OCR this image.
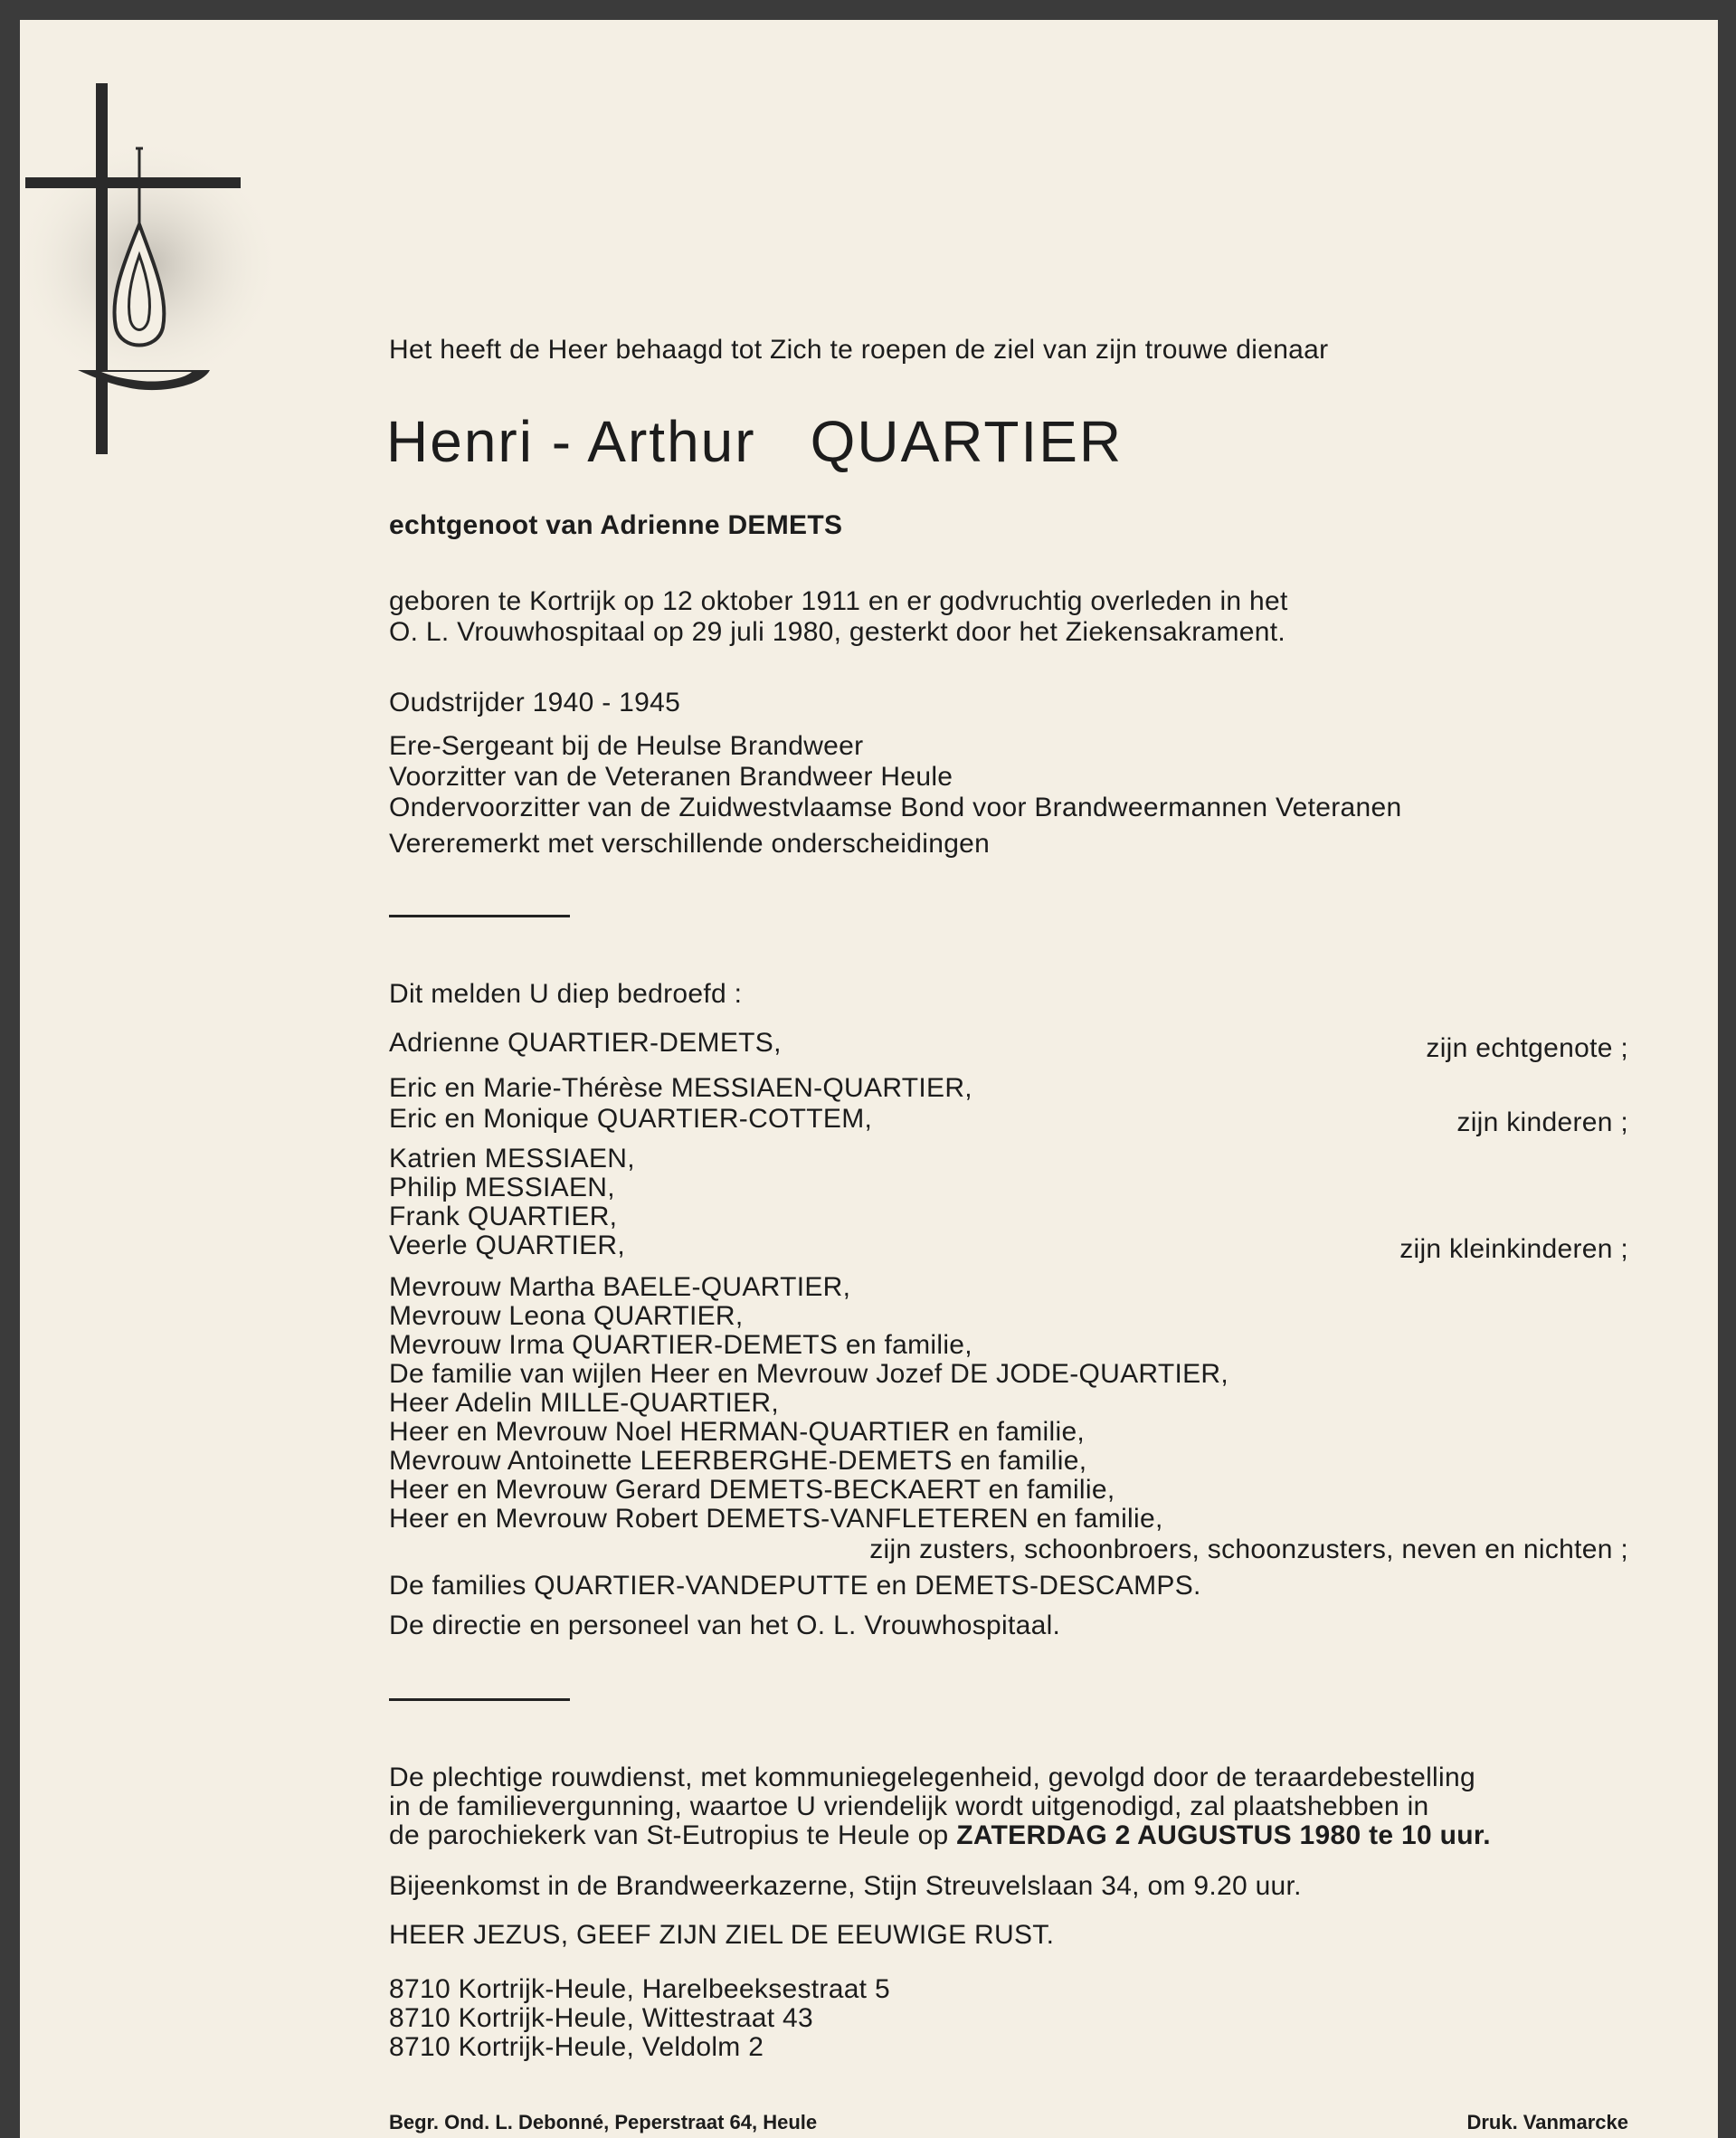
Het heeft de Heer behaagd tot Zich te roepen de ziel van zijn trouwe dienaar
Henri - Arthur QUARTIER
echtgenoot van Adrienne DEMETS
geboren te Kortrijk op 12 oktober 1911 en er godvruchtig overleden in het
O. L. Vrouwhospitaal op 29 juli 1980, gesterkt door het Ziekensakrament.
Oudstrijder 1940 - 1945
Ere-Sergeant bij de Heulse Brandweer
Voorzitter van de Veteranen Brandweer Heule
Ondervoorzitter van de Zuidwestvlaamse Bond voor Brandweermannen Veteranen
Vereremerkt met verschillende onderscheidingen
Dit melden U diep bedroefd :
Adrienne QUARTIER-DEMETS,	zijn echtgenote ;
Eric en Marie-Thérèse MESSIAEN-QUARTIER,
Eric en Monique QUARTIER-COTTEM,	zijn kinderen ;
Katrien MESSIAEN,
Philip MESSIAEN,
Frank QUARTIER,
Veerle QUARTIER,	zijn kleinkinderen ;
Mevrouw Martha BAELE-QUARTIER,
Mevrouw Leona QUARTIER,
Mevrouw Irma QUARTIER-DEMETS en familie,
De familie van wijlen Heer en Mevrouw Jozef DE JODE-QUARTIER,
Heer Adelin MILLE-QUARTIER,
Heer en Mevrouw Noel HERMAN-QUARTIER en familie,
Mevrouw Antoinette LEERBERGHE-DEMETS en familie,
Heer en Mevrouw Gerard DEMETS-BECKAERT en familie,
Heer en Mevrouw Robert DEMETS-VANFLETEREN en familie,
zijn zusters, schoonbroers, schoonzusters, neven en nichten ;
De families QUARTIER-VANDEPUTTE en DEMETS-DESCAMPS.
De directie en personeel van het O. L. Vrouwhospitaal.
De plechtige rouwdienst, met kommuniegelegenheid, gevolgd door de teraardebestelling
in de familievergunning, waartoe U vriendelijk wordt uitgenodigd, zal plaatshebben in
de parochiekerk van St-Eutropius te Heule op ZATERDAG 2 AUGUSTUS 1980 te 10 uur.
Bijeenkomst in de Brandweerkazerne, Stijn Streuvelslaan 34, om 9.20 uur.
HEER JEZUS, GEEF ZIJN ZIEL DE EEUWIGE RUST.
8710 Kortrijk-Heule, Harelbeeksestraat 5
8710 Kortrijk-Heule, Wittestraat 43
8710 Kortrijk-Heule, Veldolm 2
Begr. Ond. L. Debonné, Peperstraat 64, Heule	Druk. Vanmarcke
